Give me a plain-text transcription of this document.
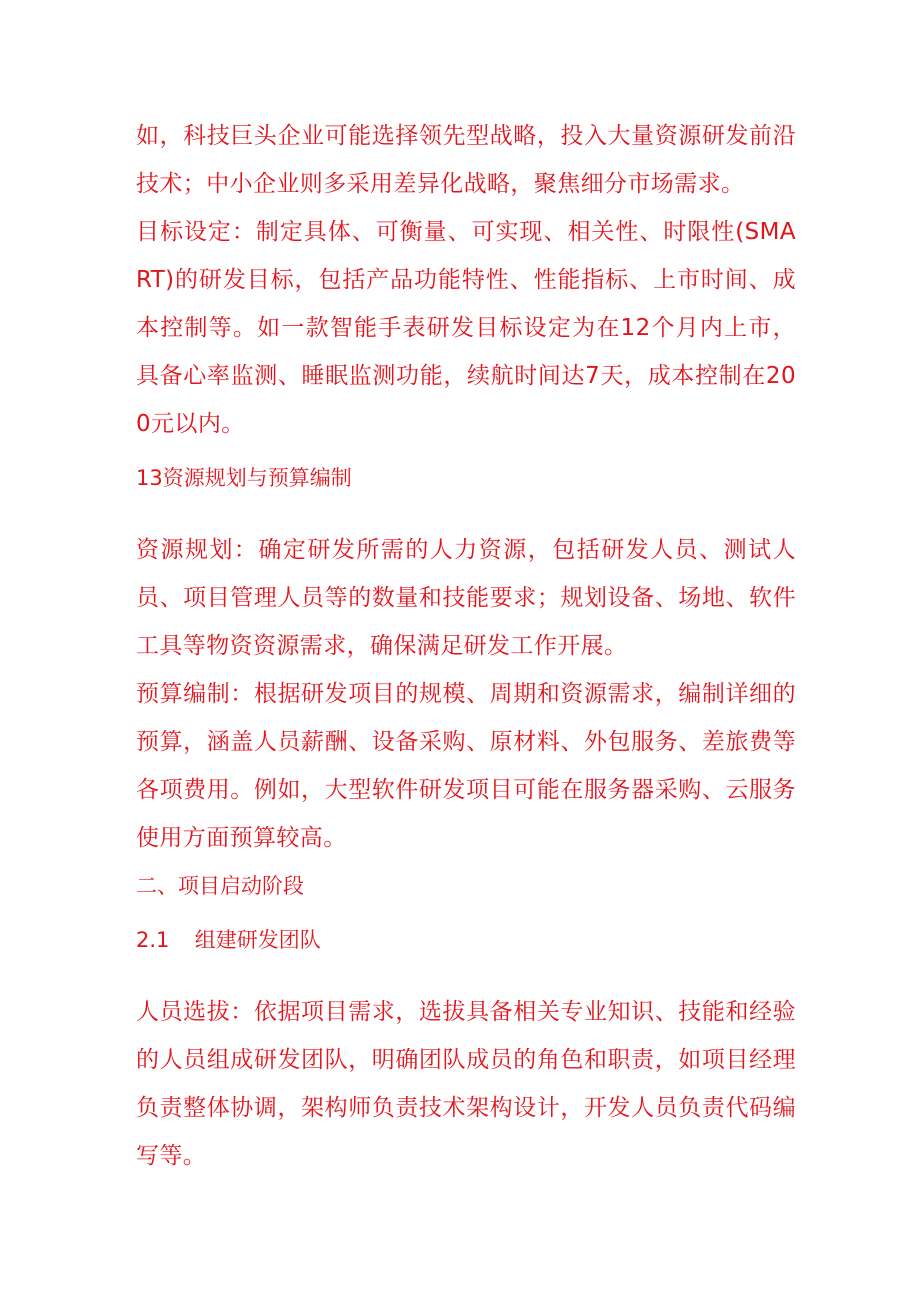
如，科技巨头企业可能选择领先型战略，投入大量资源研发前沿技术；中小企业则多采用差异化战略，聚焦细分市场需求。

目标设定：制定具体、可衡量、可实现、相关性、时限性(SMART)的研发目标，包括产品功能特性、性能指标、上市时间、成本控制等。如一款智能手表研发目标设定为在12个月内上市，具备心率监测、睡眠监测功能，续航时间达7天，成本控制在200元以内。

13资源规划与预算编制

资源规划：确定研发所需的人力资源，包括研发人员、测试人员、项目管理人员等的数量和技能要求；规划设备、场地、软件工具等物资资源需求，确保满足研发工作开展。

预算编制：根据研发项目的规模、周期和资源需求，编制详细的预算，涵盖人员薪酬、设备采购、原材料、外包服务、差旅费等各项费用。例如，大型软件研发项目可能在服务器采购、云服务使用方面预算较高。

二、项目启动阶段

2.1  组建研发团队

人员选拔：依据项目需求，选拔具备相关专业知识、技能和经验的人员组成研发团队，明确团队成员的角色和职责，如项目经理负责整体协调，架构师负责技术架构设计，开发人员负责代码编写等。
